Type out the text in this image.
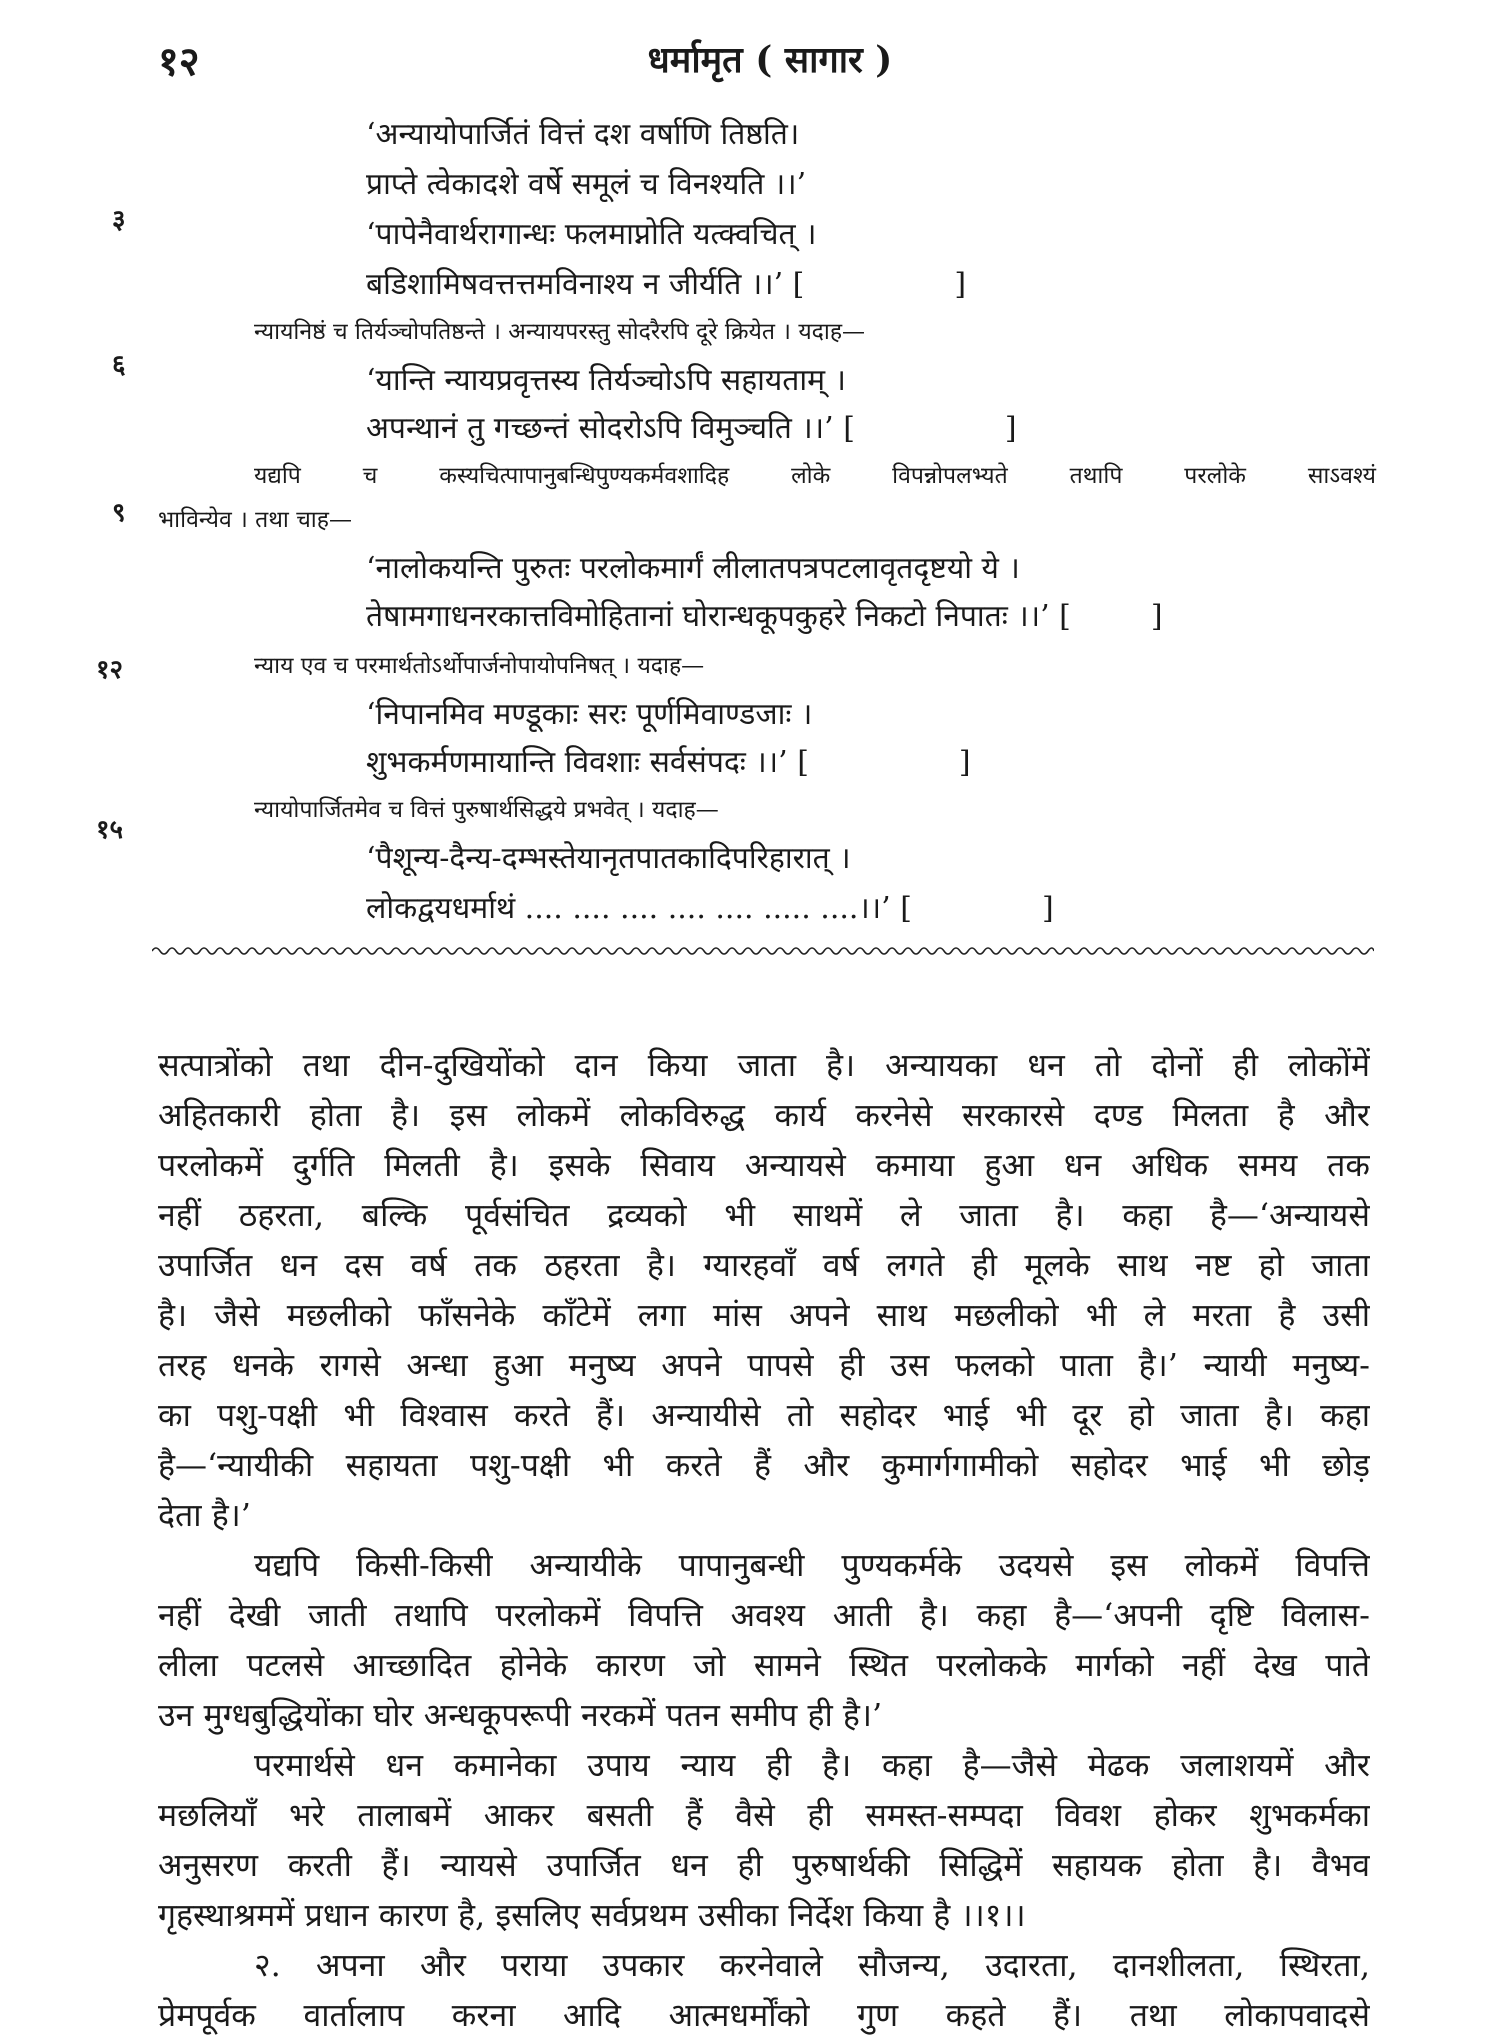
१२	धर्मामृत ( सागार )
३
६
९
१२
१५
‘अन्यायोपार्जितं वित्तं दश वर्षाणि तिष्ठति।
प्राप्ते त्वेकादशे वर्षे समूलं च विनश्यति ।।’
‘पापेनैवार्थरागान्धः फलमाप्नोति यत्क्वचित् ।
बडिशामिषवत्तत्तमविनाश्य न जीर्यति ।।’ [	]
न्यायनिष्ठं च तिर्यञ्चोपतिष्ठन्ते । अन्यायपरस्तु सोदरैरपि दूरे क्रियेत । यदाह—
‘यान्ति न्यायप्रवृत्तस्य तिर्यञ्चोऽपि सहायताम् ।
अपन्थानं तु गच्छन्तं सोदरोऽपि विमुञ्चति ।।’ [	]
यद्यपि च कस्यचित्पापानुबन्धिपुण्यकर्मवशादिह लोके विपन्नोपलभ्यते तथापि परलोके साऽवश्यं
भाविन्येव । तथा चाह—
‘नालोकयन्ति पुरुतः परलोकमार्गं लीलातपत्रपटलावृतदृष्टयो ये ।
तेषामगाधनरकात्तविमोहितानां घोरान्धकूपकुहरे निकटो निपातः ।।’ [	]
न्याय एव च परमार्थतोऽर्थोपार्जनोपायोपनिषत् । यदाह—
‘निपानमिव मण्डूकाः सरः पूर्णमिवाण्डजाः ।
शुभकर्मणमायान्ति विवशाः सर्वसंपदः ।।’ [	]
न्यायोपार्जितमेव च वित्तं पुरुषार्थसिद्धये प्रभवेत् । यदाह—
‘पैशून्य-दैन्य-दम्भस्तेयानृतपातकादिपरिहारात् ।
लोकद्वयधर्माथं .... .... .... .... .... ..... ....।।’ [	]
सत्पात्रोंको तथा दीन-दुखियोंको दान किया जाता है। अन्यायका धन तो दोनों ही लोकोंमें
अहितकारी होता है। इस लोकमें लोकविरुद्ध कार्य करनेसे सरकारसे दण्ड मिलता है और
परलोकमें दुर्गति मिलती है। इसके सिवाय अन्यायसे कमाया हुआ धन अधिक समय तक
नहीं ठहरता, बल्कि पूर्वसंचित द्रव्यको भी साथमें ले जाता है। कहा है—‘अन्यायसे
उपार्जित धन दस वर्ष तक ठहरता है। ग्यारहवाँ वर्ष लगते ही मूलके साथ नष्ट हो जाता
है। जैसे मछलीको फाँसनेके काँटेमें लगा मांस अपने साथ मछलीको भी ले मरता है उसी
तरह धनके रागसे अन्धा हुआ मनुष्य अपने पापसे ही उस फलको पाता है।’ न्यायी मनुष्य-
का पशु-पक्षी भी विश्वास करते हैं। अन्यायीसे तो सहोदर भाई भी दूर हो जाता है। कहा
है—‘न्यायीकी सहायता पशु-पक्षी भी करते हैं और कुमार्गगामीको सहोदर भाई भी छोड़
देता है।’
यद्यपि किसी-किसी अन्यायीके पापानुबन्धी पुण्यकर्मके उदयसे इस लोकमें विपत्ति
नहीं देखी जाती तथापि परलोकमें विपत्ति अवश्य आती है। कहा है—‘अपनी दृष्टि विलास-
लीला पटलसे आच्छादित होनेके कारण जो सामने स्थित परलोकके मार्गको नहीं देख पाते
उन मुग्धबुद्धियोंका घोर अन्धकूपरूपी नरकमें पतन समीप ही है।’
परमार्थसे धन कमानेका उपाय न्याय ही है। कहा है—जैसे मेढक जलाशयमें और
मछलियाँ भरे तालाबमें आकर बसती हैं वैसे ही समस्त-सम्पदा विवश होकर शुभकर्मका
अनुसरण करती हैं। न्यायसे उपार्जित धन ही पुरुषार्थकी सिद्धिमें सहायक होता है। वैभव
गृहस्थाश्रममें प्रधान कारण है, इसलिए सर्वप्रथम उसीका निर्देश किया है ।।१।।
२. अपना और पराया उपकार करनेवाले सौजन्य, उदारता, दानशीलता, स्थिरता,
प्रेमपूर्वक वार्तालाप करना आदि आत्मधर्मोंको गुण कहते हैं। तथा लोकापवादसे
